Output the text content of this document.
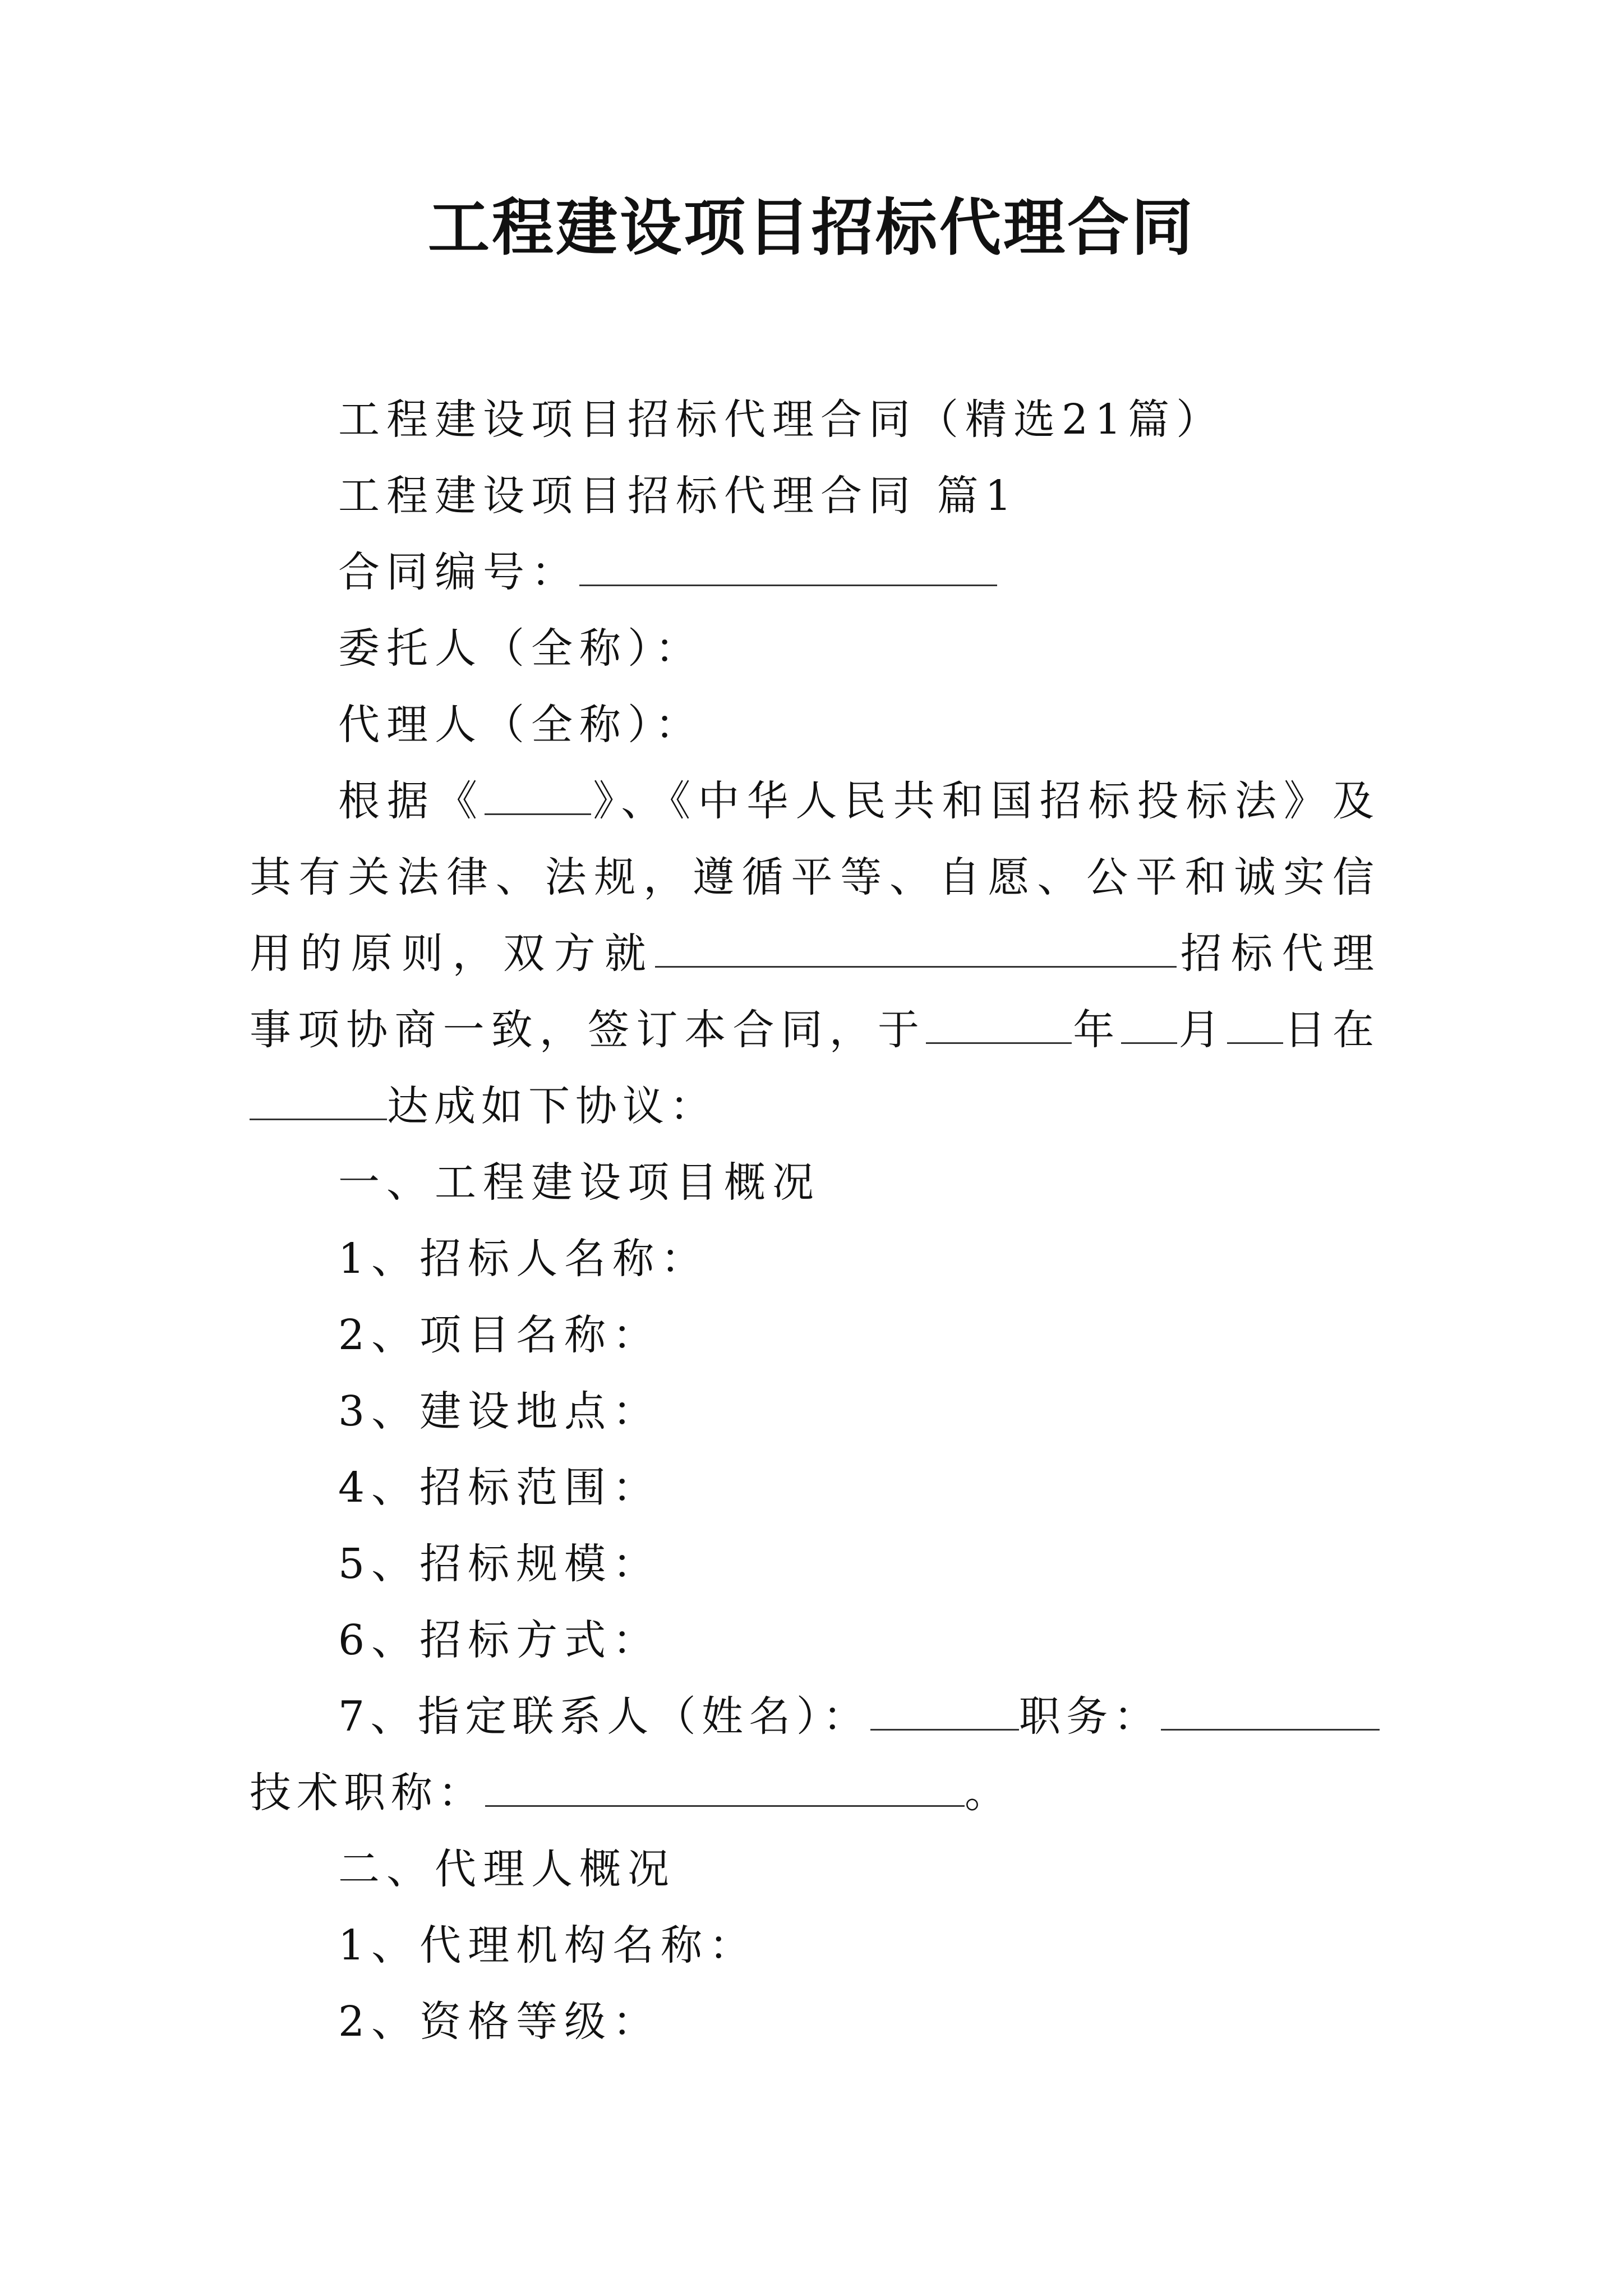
工程建设项目招标代理合同
工程建设项目招标代理合同（精选21篇）
工程建设项目招标代理合同 篇1
合同编号：
委托人（全称）：
代理人（全称）：
根据《	》、《中华人民共和国招标投标法》及其有关法律、法规，遵循平等、自愿、公平和诚实信用的原则，双方就	招标代理事项协商一致，签订本合同，于	年 月 日在达成如下协议：
一、工程建设项目概况
1、招标人名称：
2、项目名称：
3、建设地点：
4、招标范围：
5、招标规模：
6、招标方式：
7、指定联系人（姓名）：	职务：技术职称：	。
二、代理人概况
1、代理机构名称：
2、资格等级：
